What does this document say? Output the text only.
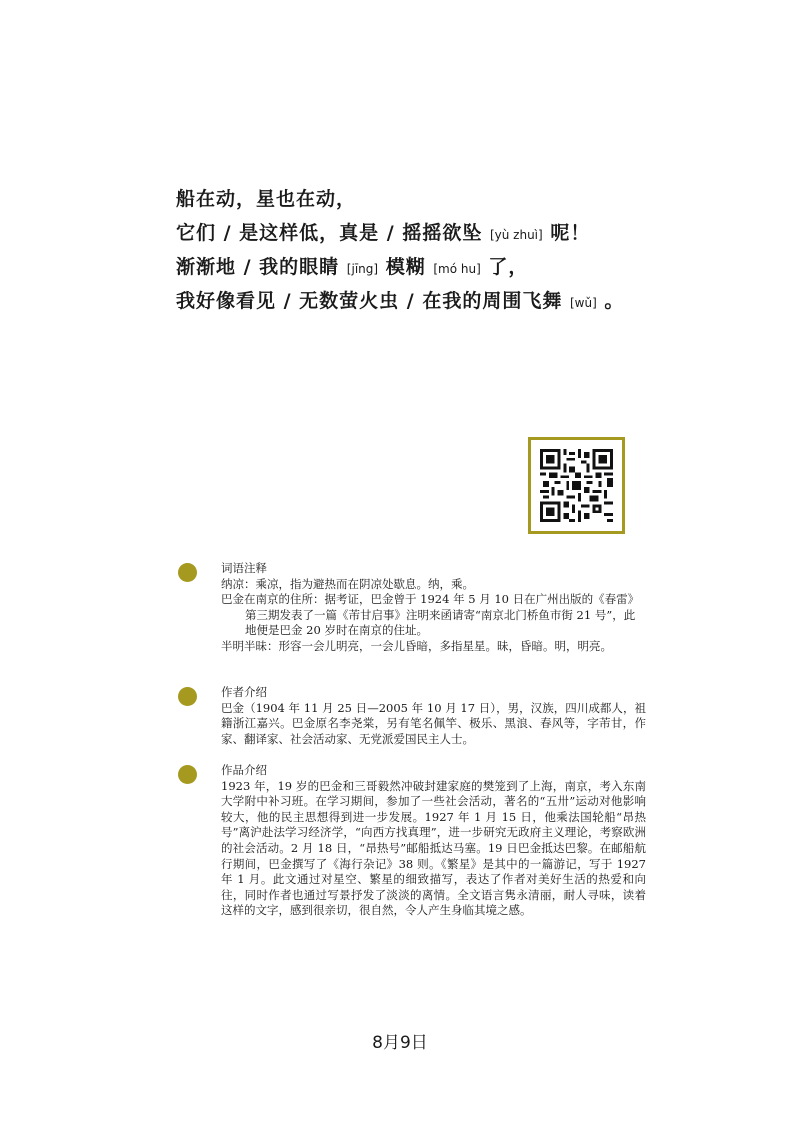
船在动，星也在动，
它们 / 是这样低，真是 / 摇摇欲坠 [yù zhuì] 呢！
渐渐地 / 我的眼睛 [jīng] 模糊 [mó hu] 了，
我好像看见 / 无数萤火虫 / 在我的周围飞舞 [wǔ] 。
词语注释
纳凉：乘凉，指为避热而在阴凉处歇息。纳，乘。
巴金在南京的住所：据考证，巴金曾于 1924 年 5 月 10 日在广州出版的《春雷》第三期发表了一篇《芾甘启事》注明来函请寄“南京北门桥鱼市街 21 号”，此地便是巴金 20 岁时在南京的住址。
半明半昧：形容一会儿明亮，一会儿昏暗，多指星星。昧，昏暗。明，明亮。
作者介绍
巴金（1904 年 11 月 25 日—2005 年 10 月 17 日），男，汉族，四川成都人，祖籍浙江嘉兴。巴金原名李尧棠，另有笔名佩竿、极乐、黑浪、春风等，字芾甘，作家、翻译家、社会活动家、无党派爱国民主人士。
作品介绍
1923 年，19 岁的巴金和三哥毅然冲破封建家庭的樊笼到了上海，南京，考入东南大学附中补习班。在学习期间，参加了一些社会活动，著名的“五卅”运动对他影响较大，他的民主思想得到进一步发展。1927 年 1 月 15 日，他乘法国轮船“昂热号”离沪赴法学习经济学，“向西方找真理”，进一步研究无政府主义理论，考察欧洲的社会活动。2 月 18 日，“昂热号”邮船抵达马塞。19 日巴金抵达巴黎。在邮船航行期间，巴金撰写了《海行杂记》38 则。《繁星》是其中的一篇游记，写于 1927 年 1 月。此文通过对星空、繁星的细致描写，表达了作者对美好生活的热爱和向往，同时作者也通过写景抒发了淡淡的离情。全文语言隽永清丽，耐人寻味，读着这样的文字，感到很亲切，很自然，令人产生身临其境之感。
8月9日
